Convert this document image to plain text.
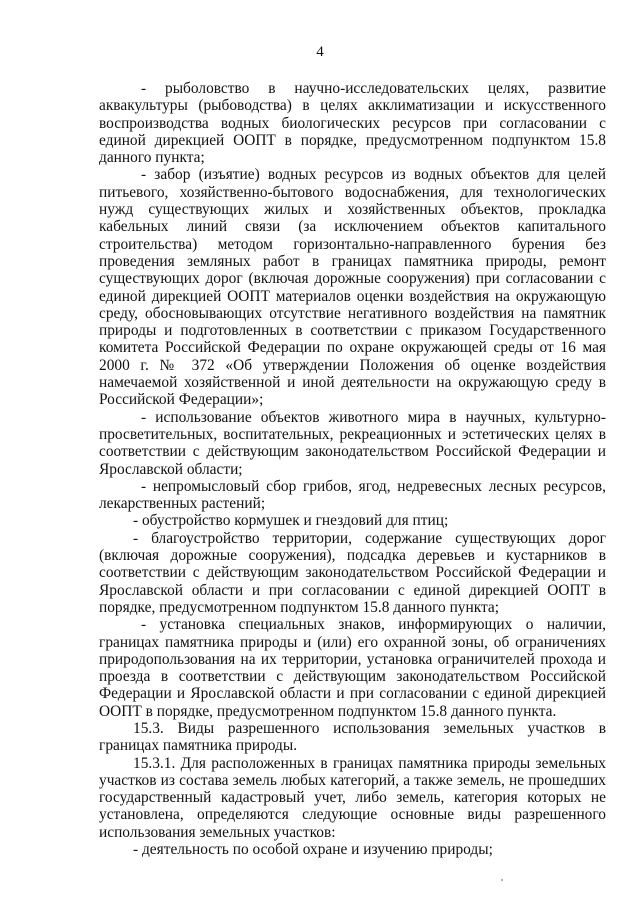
4

- рыболовство в научно-исследовательских целях, развитие аквакультуры (рыбоводства) в целях акклиматизации и искусственного воспроизводства водных биологических ресурсов при согласовании с единой дирекцией ООПТ в порядке, предусмотренном подпунктом 15.8 данного пункта;

- забор (изъятие) водных ресурсов из водных объектов для целей питьевого, хозяйственно-бытового водоснабжения, для технологических нужд существующих жилых и хозяйственных объектов, прокладка кабельных линий связи (за исключением объектов капитального строительства) методом горизонтально-направленного бурения без проведения земляных работ в границах памятника природы, ремонт существующих дорог (включая дорожные сооружения) при согласовании с единой дирекцией ООПТ материалов оценки воздействия на окружающую среду, обосновывающих отсутствие негативного воздействия на памятник природы и подготовленных в соответствии с приказом Государственного комитета Российской Федерации по охране окружающей среды от 16 мая 2000 г. № 372 «Об утверждении Положения об оценке воздействия намечаемой хозяйственной и иной деятельности на окружающую среду в Российской Федерации»;

- использование объектов животного мира в научных, культурно-просветительных, воспитательных, рекреационных и эстетических целях в соответствии с действующим законодательством Российской Федерации и Ярославской области;

- непромысловый сбор грибов, ягод, недревесных лесных ресурсов, лекарственных растений;

- обустройство кормушек и гнездовий для птиц;

- благоустройство территории, содержание существующих дорог (включая дорожные сооружения), подсадка деревьев и кустарников в соответствии с действующим законодательством Российской Федерации и Ярославской области и при согласовании с единой дирекцией ООПТ в порядке, предусмотренном подпунктом 15.8 данного пункта;

- установка специальных знаков, информирующих о наличии, границах памятника природы и (или) его охранной зоны, об ограничениях природопользования на их территории, установка ограничителей прохода и проезда в соответствии с действующим законодательством Российской Федерации и Ярославской области и при согласовании с единой дирекцией ООПТ в порядке, предусмотренном подпунктом 15.8 данного пункта.

15.3. Виды разрешенного использования земельных участков в границах памятника природы.

15.3.1. Для расположенных в границах памятника природы земельных участков из состава земель любых категорий, а также земель, не прошедших государственный кадастровый учет, либо земель, категория которых не установлена, определяются следующие основные виды разрешенного использования земельных участков:

- деятельность по особой охране и изучению природы;
